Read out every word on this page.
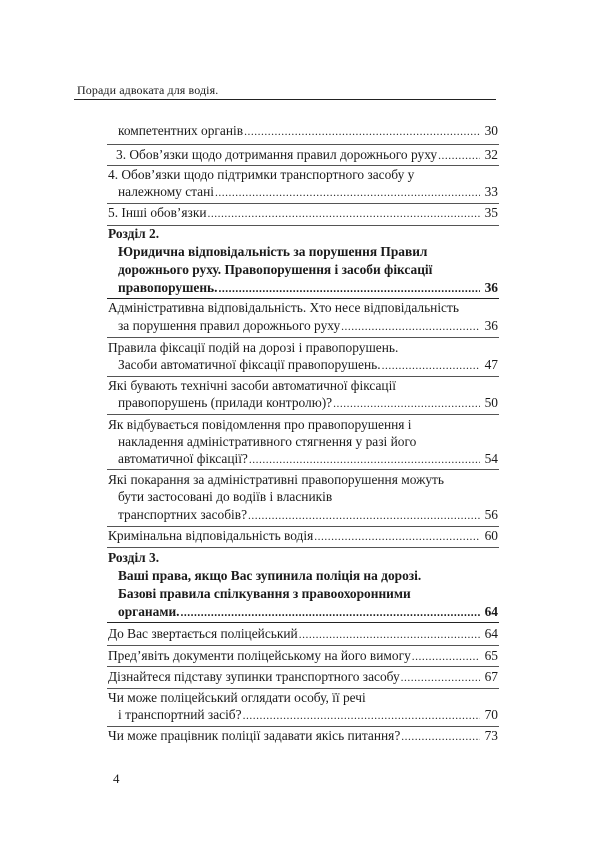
Поради адвоката для водія.
компетентних органів .....	30
3. Обов’язки щодо дотримання правил дорожнього руху .....	32
4. Обов’язки щодо підтримки транспортного засобу у
належному стані .....	33
5. Інші обов’язки .....	35
Розділ 2.
Юридична відповідальність за порушення Правил
дорожнього руху. Правопорушення і засоби фіксації
правопорушень. .....	36
Адміністративна відповідальність. Хто несе відповідальність
за порушення правил дорожнього руху .....	36
Правила фіксації подій на дорозі і правопорушень.
Засоби автоматичної фіксації правопорушень. .....	47
Які бувають технічні засоби автоматичної фіксації
правопорушень (прилади контролю)? .....	50
Як відбувається повідомлення про правопорушення і
накладення адміністративного стягнення у разі його
автоматичної фіксації? .....	54
Які покарання за адміністративні правопорушення можуть
бути застосовані до водіїв і власників
транспортних засобів? .....	56
Кримінальна відповідальність водія .....	60
Розділ 3.
Ваші права, якщо Вас зупинила поліція на дорозі.
Базові правила спілкування з правоохоронними
органами. .....	64
До Вас звертається поліцейський .....	64
Пред’явіть документи поліцейському на його вимогу .....	65
Дізнайтеся підставу зупинки транспортного засобу .....	67
Чи може поліцейський оглядати особу, її речі
і транспортний засіб? .....	70
Чи може працівник поліції задавати якісь питання? .....	73
4
